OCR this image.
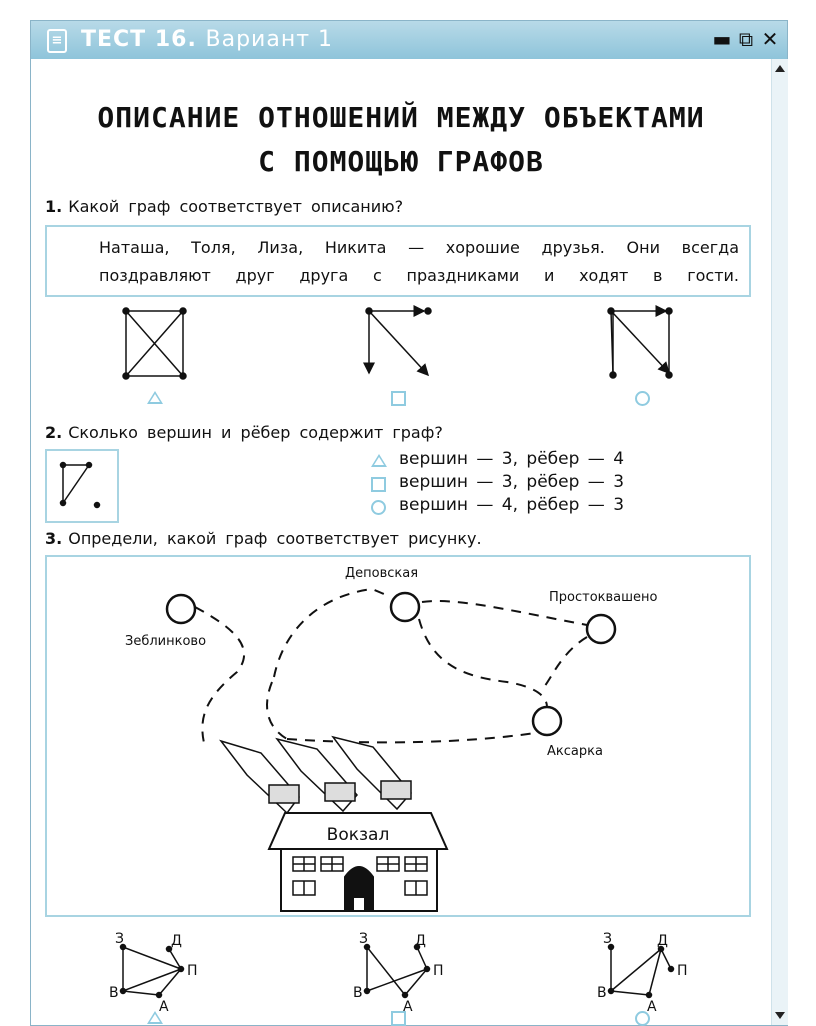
≡ ТЕСТ 16. Вариант 1	▬ ⧉ ✕
ОПИСАНИЕ ОТНОШЕНИЙ МЕЖДУ ОБЪЕКТАМИ
С ПОМОЩЬЮ ГРАФОВ
1. Какой граф соответствует описанию?
Наташа, Толя, Лиза, Никита — хорошие друзья. Они всегда поздравляют друг друга с праздниками и ходят в гости.
2. Сколько вершин и рёбер содержит граф?
вершин — 3, рёбер — 4
вершин — 3, рёбер — 3
вершин — 4, рёбер — 3
3. Определи, какой граф соответствует рисунку.
Деповская
Зеблинково
Простоквашено
Аксарка
Вокзал
З	Д
П
В
А
З	Д
П
В
А
З	Д
П
В
А
